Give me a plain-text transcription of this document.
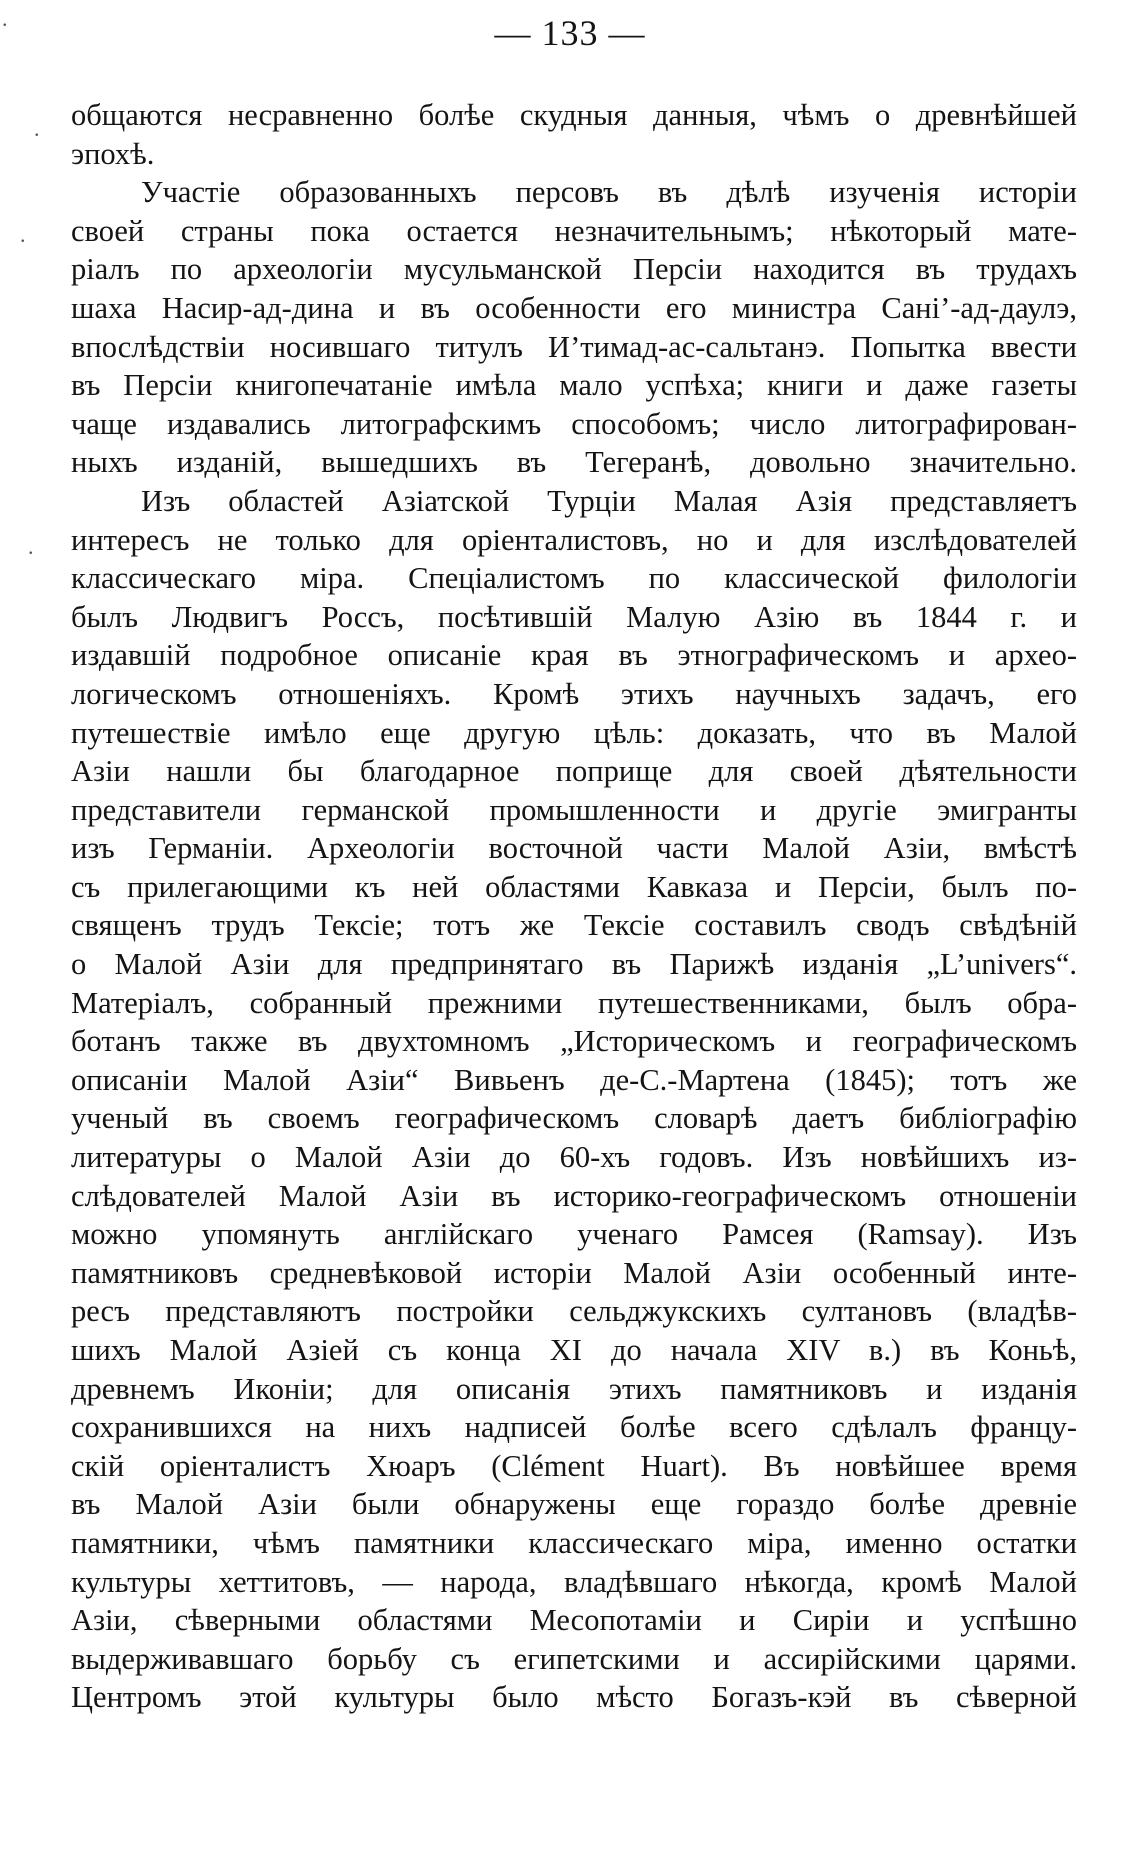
— 133 —
.
.
.
.
общаются несравненно болѣе скудныя данныя, чѣмъ о древнѣйшей
эпохѣ.
Участіе образованныхъ персовъ въ дѣлѣ изученія исторіи
своей страны пока остается незначительнымъ; нѣкоторый мате-
ріалъ по археологіи мусульманской Персіи находится въ трудахъ
шаха Насир-ад-дина и въ особенности его министра Санi’-ад-даулэ,
впослѣдствіи носившаго титулъ И’тимад-ас-сальтанэ. Попытка ввести
въ Персіи книгопечатаніе имѣла мало успѣха; книги и даже газеты
чаще издавались литографскимъ способомъ; число литографирован-
ныхъ изданій, вышедшихъ въ Тегеранѣ, довольно значительно.
Изъ областей Азіатской Турціи Малая Азія представляетъ
интересъ не только для оріенталистовъ, но и для изслѣдователей
классическаго міра. Спеціалистомъ по классической филологіи
былъ Людвигъ Россъ, посѣтившій Малую Азію въ 1844 г. и
издавшій подробное описаніе края въ этнографическомъ и архео-
логическомъ отношеніяхъ. Кромѣ этихъ научныхъ задачъ, его
путешествіе имѣло еще другую цѣль: доказать, что въ Малой
Азіи нашли бы благодарное поприще для своей дѣятельности
представители германской промышленности и другіе эмигранты
изъ Германіи. Археологіи восточной части Малой Азіи, вмѣстѣ
съ прилегающими къ ней областями Кавказа и Персіи, былъ по-
священъ трудъ Тексіе; тотъ же Тексіе составилъ сводъ свѣдѣній
о Малой Азіи для предпринятаго въ Парижѣ изданія „L’univers“.
Матеріалъ, собранный прежними путешественниками, былъ обра-
ботанъ также въ двухтомномъ „Историческомъ и географическомъ
описаніи Малой Азіи“ Вивьенъ де-С.-Мартена (1845); тотъ же
ученый въ своемъ географическомъ словарѣ даетъ библіографію
литературы о Малой Азіи до 60-хъ годовъ. Изъ новѣйшихъ из-
слѣдователей Малой Азіи въ историко-географическомъ отношеніи
можно упомянуть англійскаго ученаго Рамсея (Ramsay). Изъ
памятниковъ средневѣковой исторіи Малой Азіи особенный инте-
ресъ представляютъ постройки сельджукскихъ султановъ (владѣв-
шихъ Малой Азіей съ конца XI до начала XIV в.) въ Коньѣ,
древнемъ Иконіи; для описанія этихъ памятниковъ и изданія
сохранившихся на нихъ надписей болѣе всего сдѣлалъ францу-
скій оріенталистъ Хюаръ (Clément Huart). Въ новѣйшее время
въ Малой Азіи были обнаружены еще гораздо болѣе древніе
памятники, чѣмъ памятники классическаго міра, именно остатки
культуры хеттитовъ, — народа, владѣвшаго нѣкогда, кромѣ Малой
Азіи, сѣверными областями Месопотаміи и Сиріи и успѣшно
выдерживавшаго борьбу съ египетскими и ассирійскими царями.
Центромъ этой культуры было мѣсто Богазъ-кэй въ сѣверной
